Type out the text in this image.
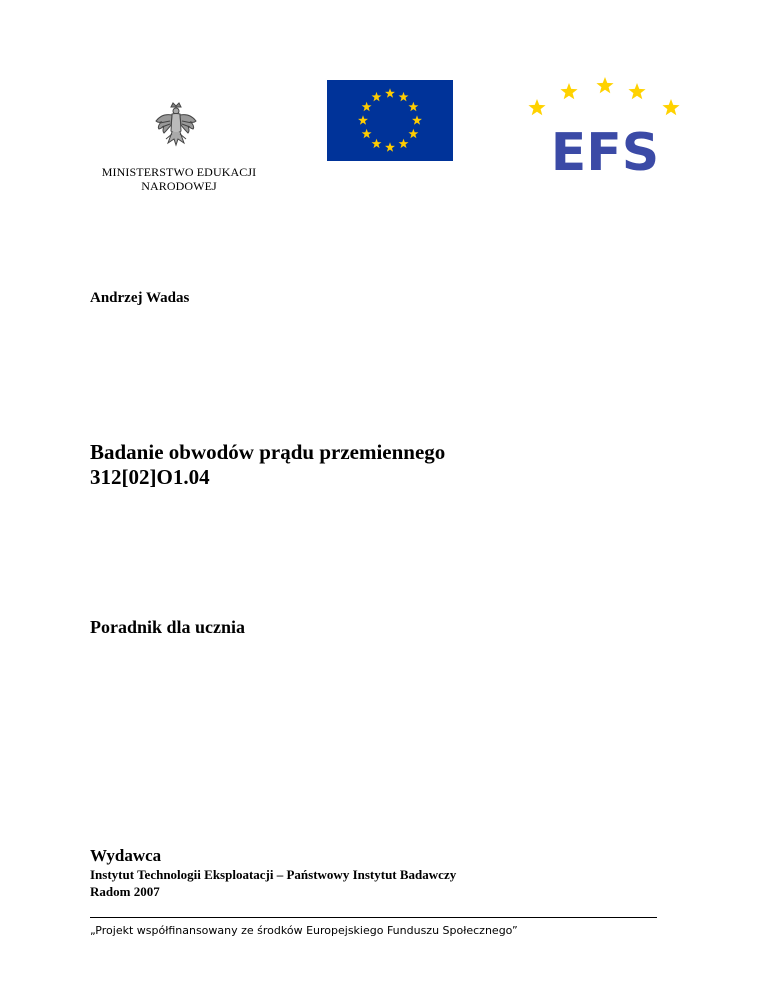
MINISTERSTWO EDUKACJI
NARODOWEJ
EFS
Andrzej Wadas
Badanie obwodów prądu przemiennego
312[02]O1.04
Poradnik dla ucznia
Wydawca
Instytut Technologii Eksploatacji – Państwowy Instytut Badawczy
Radom 2007
„Projekt współfinansowany ze środków Europejskiego Funduszu Społecznego”
